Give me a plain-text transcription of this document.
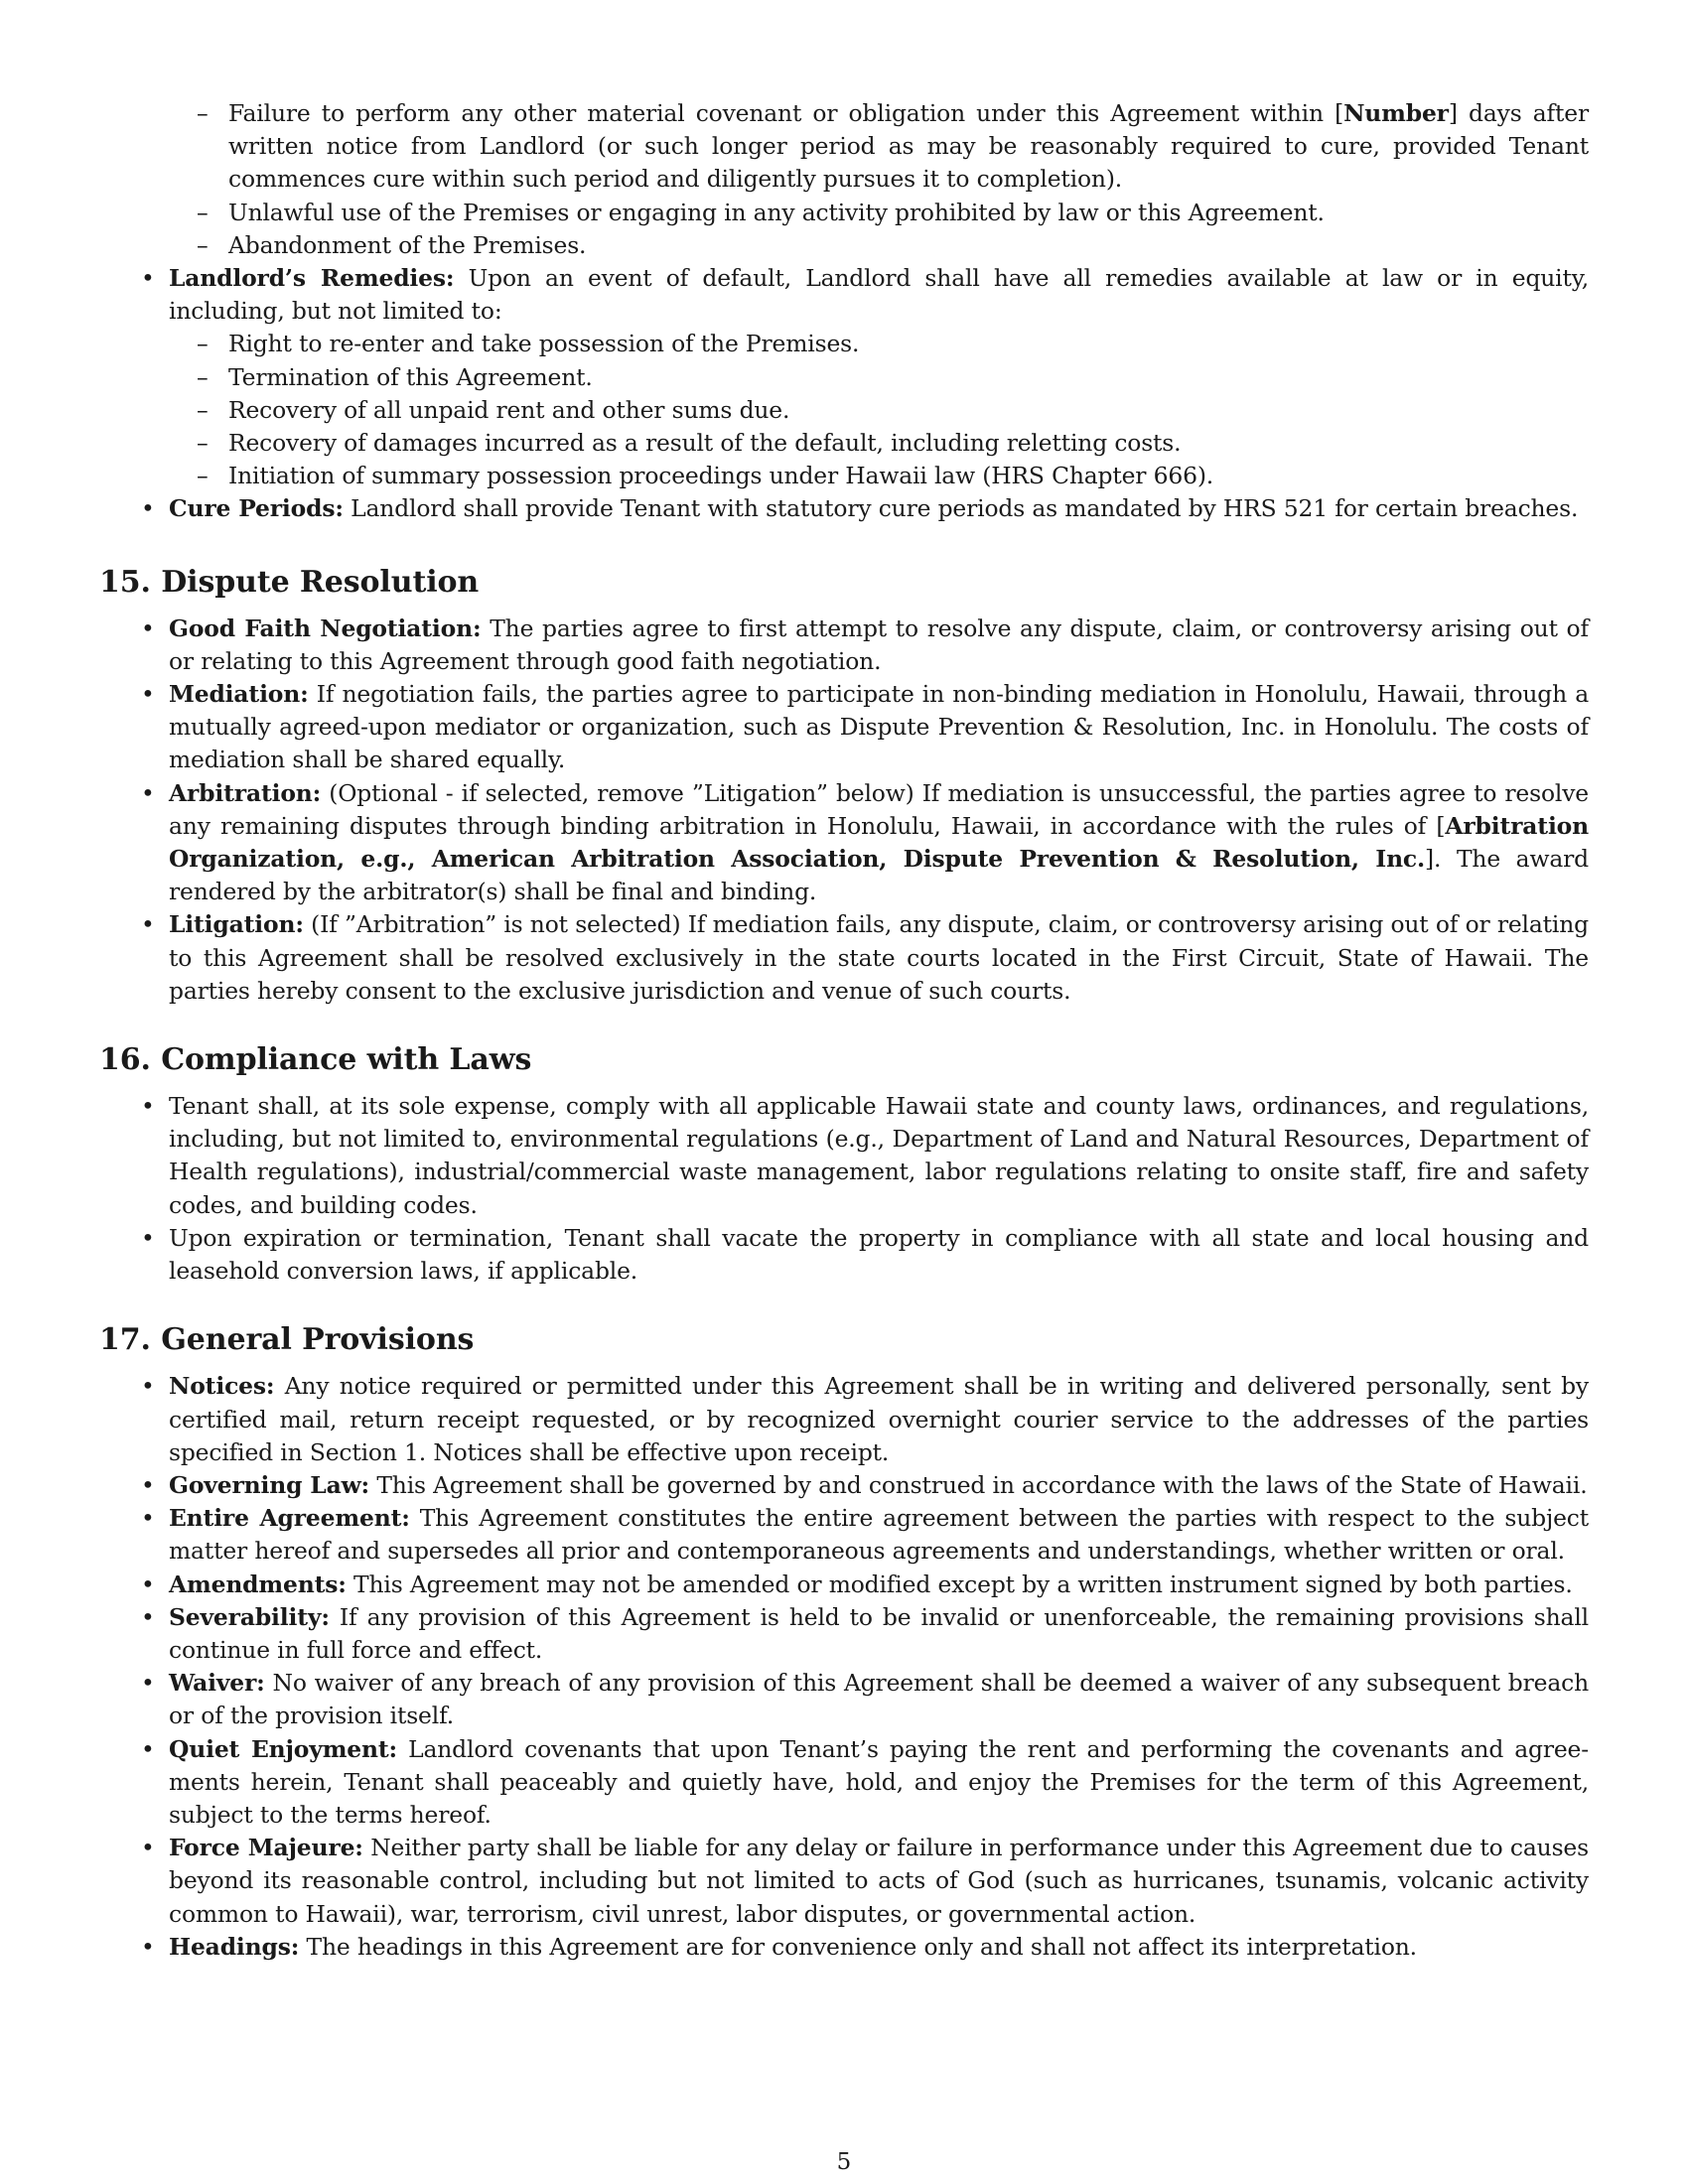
– Failure to perform any other material covenant or obligation under this Agreement within [Number] days after written notice from Landlord (or such longer period as may be reasonably required to cure, provided Tenant commences cure within such period and diligently pursues it to completion).
– Unlawful use of the Premises or engaging in any activity prohibited by law or this Agreement.
– Abandonment of the Premises.
• Landlord’s Remedies: Upon an event of default, Landlord shall have all remedies available at law or in equity, including, but not limited to:
– Right to re-enter and take possession of the Premises.
– Termination of this Agreement.
– Recovery of all unpaid rent and other sums due.
– Recovery of damages incurred as a result of the default, including reletting costs.
– Initiation of summary possession proceedings under Hawaii law (HRS Chapter 666).
• Cure Periods: Landlord shall provide Tenant with statutory cure periods as mandated by HRS 521 for certain breaches.
15. Dispute Resolution
• Good Faith Negotiation: The parties agree to first attempt to resolve any dispute, claim, or controversy arising out of or relating to this Agreement through good faith negotiation.
• Mediation: If negotiation fails, the parties agree to participate in non-binding mediation in Honolulu, Hawaii, through a mutually agreed-upon mediator or organization, such as Dispute Prevention & Resolution, Inc. in Honolulu. The costs of mediation shall be shared equally.
• Arbitration: (Optional - if selected, remove ”Litigation” below) If mediation is unsuccessful, the parties agree to resolve any remaining disputes through binding arbitration in Honolulu, Hawaii, in accordance with the rules of [Arbitration Organization, e.g., American Arbitration Association, Dispute Prevention & Resolution, Inc.]. The award rendered by the arbitrator(s) shall be final and binding.
• Litigation: (If ”Arbitration” is not selected) If mediation fails, any dispute, claim, or controversy arising out of or relating to this Agreement shall be resolved exclusively in the state courts located in the First Circuit, State of Hawaii. The parties hereby consent to the exclusive jurisdiction and venue of such courts.
16. Compliance with Laws
• Tenant shall, at its sole expense, comply with all applicable Hawaii state and county laws, ordinances, and regulations, including, but not limited to, environmental regulations (e.g., Department of Land and Natural Resources, Department of Health regulations), industrial/commercial waste management, labor regulations relating to onsite staff, fire and safety codes, and building codes.
• Upon expiration or termination, Tenant shall vacate the property in compliance with all state and local housing and leasehold conversion laws, if applicable.
17. General Provisions
• Notices: Any notice required or permitted under this Agreement shall be in writing and delivered personally, sent by certified mail, return receipt requested, or by recognized overnight courier service to the addresses of the parties specified in Section 1. Notices shall be effective upon receipt.
• Governing Law: This Agreement shall be governed by and construed in accordance with the laws of the State of Hawaii.
• Entire Agreement: This Agreement constitutes the entire agreement between the parties with respect to the subject matter hereof and supersedes all prior and contemporaneous agreements and understandings, whether written or oral.
• Amendments: This Agreement may not be amended or modified except by a written instrument signed by both parties.
• Severability: If any provision of this Agreement is held to be invalid or unenforceable, the remaining provisions shall continue in full force and effect.
• Waiver: No waiver of any breach of any provision of this Agreement shall be deemed a waiver of any subsequent breach or of the provision itself.
• Quiet Enjoyment: Landlord covenants that upon Tenant’s paying the rent and performing the covenants and agree-ments herein, Tenant shall peaceably and quietly have, hold, and enjoy the Premises for the term of this Agreement, subject to the terms hereof.
• Force Majeure: Neither party shall be liable for any delay or failure in performance under this Agreement due to causes beyond its reasonable control, including but not limited to acts of God (such as hurricanes, tsunamis, volcanic activity common to Hawaii), war, terrorism, civil unrest, labor disputes, or governmental action.
• Headings: The headings in this Agreement are for convenience only and shall not affect its interpretation.
5
